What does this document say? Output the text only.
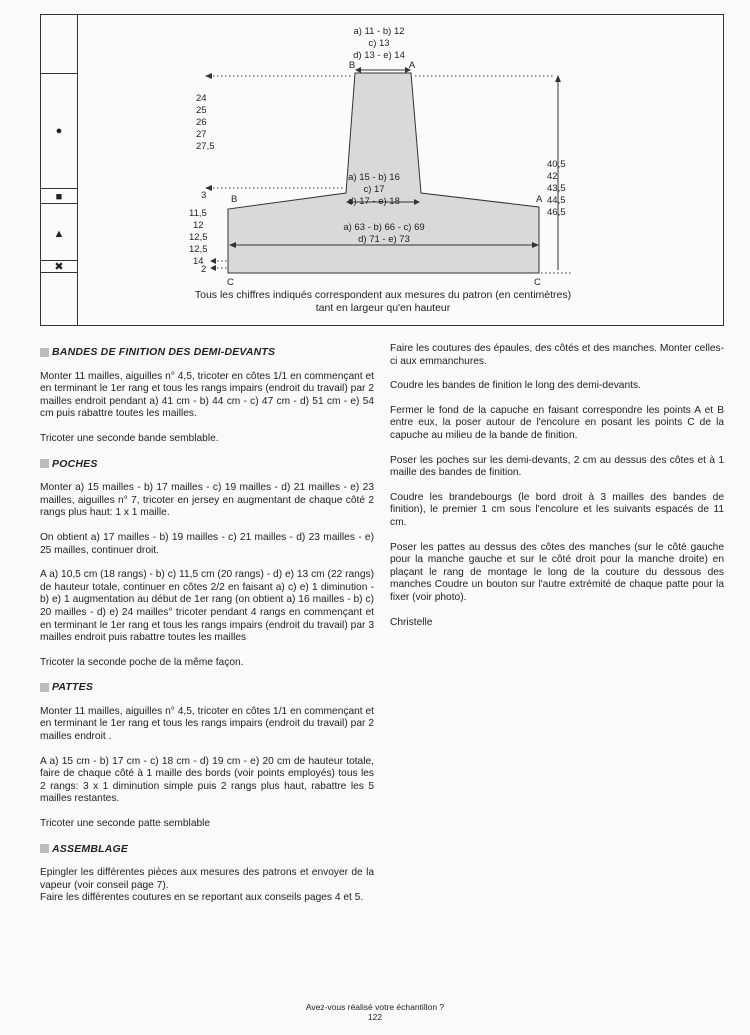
●
■
▲
✖
a) 11 - b) 12
c) 13
d) 13 - e) 14
B	A
24
25
26
27
27,5
40,5
42
43,5
44,5
46,5
3	B	A
a) 15 - b) 16
c) 17
d) 17 - e) 18
11,5
12
12,5
12,5
14
2
a) 63 - b) 66 - c) 69
d) 71 - e) 73
C	C
Tous les chiffres indiqués correspondent aux mesures du patron (en centimètres)
tant en largeur qu'en hauteur
BANDES DE FINITION DES DEMI-DEVANTS

Monter 11 mailles, aiguilles n° 4,5, tricoter en côtes 1/1 en commençant et en terminant le 1er rang et tous les rangs impairs (endroit du travail) par 2 mailles endroit pendant a) 41 cm - b) 44 cm - c) 47 cm - d) 51 cm - e) 54 cm puis rabattre toutes les mailles.

Tricoter une seconde bande semblable.

POCHES

Monter a) 15 mailles - b) 17 mailles - c) 19 mailles - d) 21 mailles - e) 23 mailles, aiguilles n° 7, tricoter en jersey en augmentant de chaque côté 2 rangs plus haut: 1 x 1 maille.

On obtient a) 17 mailles - b) 19 mailles - c) 21 mailles - d) 23 mailles - e) 25 mailles, continuer droit.

A a) 10,5 cm (18 rangs) - b) c) 11,5 cm (20 rangs) - d) e) 13 cm (22 rangs) de hauteur totale, continuer en côtes 2/2 en faisant a) c) e) 1 diminution - b) e) 1 augmentation au début de 1er rang (on obtient a) 16 mailles - b) c) 20 mailles - d) e) 24 mailles° tricoter pendant 4 rangs en commençant et en terminant le 1er rang et tous les rangs impairs (endroit du travail) par 3 mailles endroit puis rabattre toutes les mailles

Tricoter la seconde poche de la même façon.

PATTES

Monter 11 mailles, aiguilles n° 4,5, tricoter en côtes 1/1 en commençant et en terminant le 1er rang et tous les rangs impairs (endroit du travail) par 2 mailles endroit .

A a) 15 cm - b) 17 cm - c) 18 cm - d) 19 cm - e) 20 cm de hauteur totale, faire de chaque côté à 1 maille des bords (voir points employés) tous les 2 rangs: 3 x 1 diminution simple puis 2 rangs plus haut, rabattre les 5 mailles restantes.

Tricoter une seconde patte semblable

ASSEMBLAGE

Epingler les différentes pièces aux mesures des patrons et envoyer de la vapeur (voir conseil page 7).

Faire les différentes coutures en se reportant aux conseils pages 4 et 5.

Faire les coutures des épaules, des côtés et des manches. Monter celles-ci aux emmanchures.

Coudre les bandes de finition le long des demi-devants.

Fermer le fond de la capuche en faisant correspondre les points A et B entre eux, la poser autour de l'encolure en posant les points C de la capuche au milieu de la bande de finition.

Poser les poches sur les demi-devants, 2 cm au dessus des côtes et à 1 maille des bandes de finition.

Coudre les brandebourgs (le bord droit à 3 mailles des bandes de finition), le premier 1 cm sous l'encolure et les suivants espacés de 11 cm.

Poser les pattes au dessus des côtes des manches (sur le côté gauche pour la manche gauche et sur le côté droit pour la manche droite) en plaçant le rang de montage le long de la couture du dessous des manches Coudre un bouton sur l'autre extrémité de chaque patte pour la fixer (voir photo).

Christelle

Avez-vous réalisé votre échantillon ?
122
